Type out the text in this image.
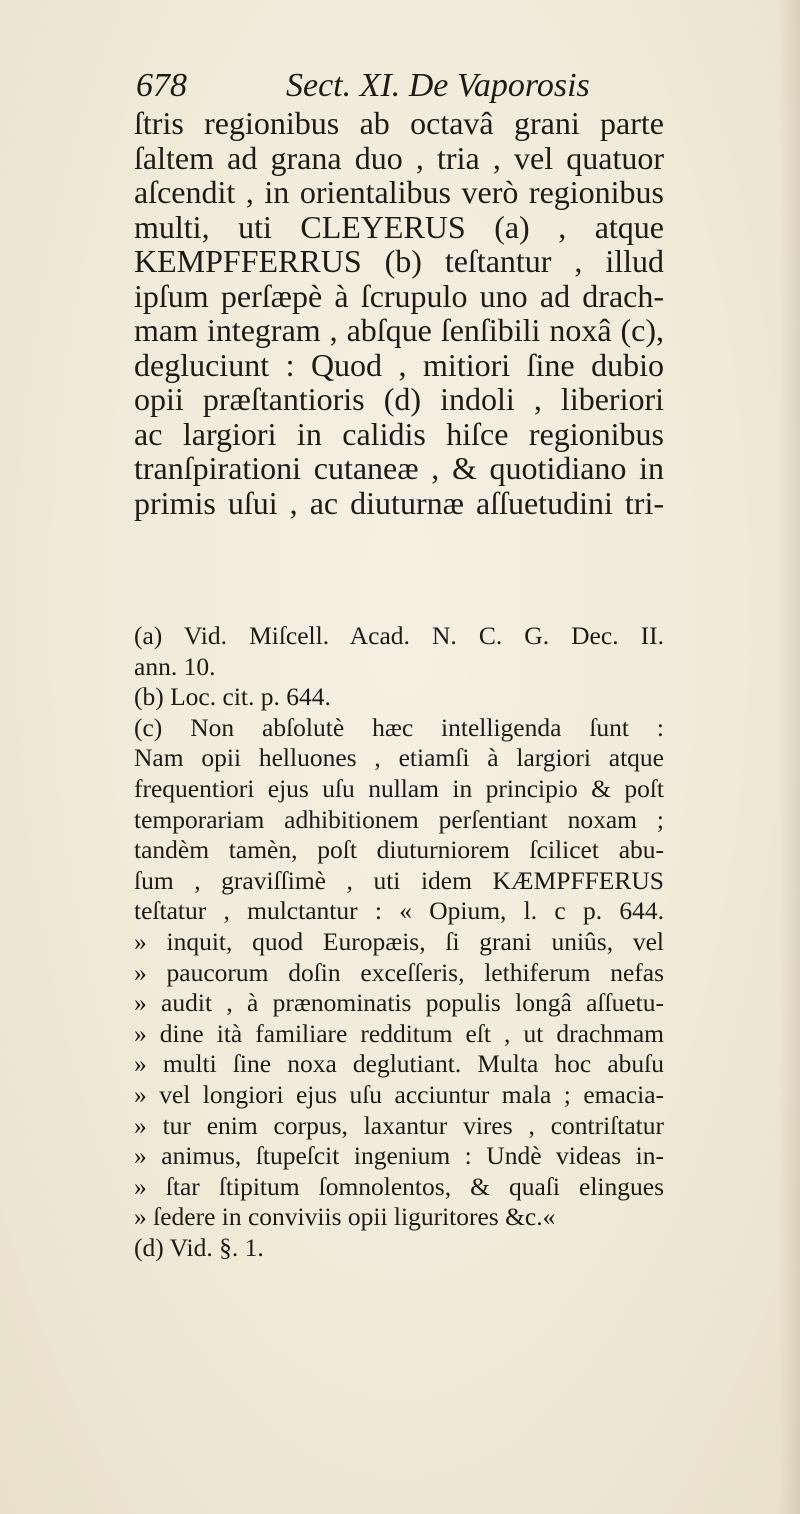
678	Sect. XI. De Vaporosis
ſtris regionibus ab octavâ grani parte
ſaltem ad grana duo , tria , vel quatuor
aſcendit , in orientalibus verò regionibus
multi, uti CLEYERUS (a) , atque
KEMPFFERRUS (b) teſtantur , illud
ipſum perſæpè à ſcrupulo uno ad drach-
mam integram , abſque ſenſibili noxâ (c),
degluciunt : Quod , mitiori ſine dubio
opii præſtantioris (d) indoli , liberiori
ac largiori in calidis hiſce regionibus
tranſpirationi cutaneæ , & quotidiano in
primis uſui , ac diuturnæ aſſuetudini tri-
(a) Vid. Miſcell. Acad. N. C. G. Dec. II.
ann. 10.
(b) Loc. cit. p. 644.
(c) Non abſolutè hæc intelligenda ſunt :
Nam opii helluones , etiamſi à largiori atque
frequentiori ejus uſu nullam in principio & poſt
temporariam adhibitionem perſentiant noxam ;
tandèm tamèn, poſt diuturniorem ſcilicet abu-
ſum , graviſſimè , uti idem KÆMPFFERUS
teſtatur , mulctantur : « Opium, l. c p. 644.
» inquit, quod Europæis, ſi grani uniûs, vel
» paucorum doſin exceſſeris, lethiferum nefas
» audit , à prænominatis populis longâ aſſuetu-
» dine ità familiare redditum eſt , ut drachmam
» multi ſine noxa deglutiant. Multa hoc abuſu
» vel longiori ejus uſu acciuntur mala ; emacia-
» tur enim corpus, laxantur vires , contriſtatur
» animus, ſtupeſcit ingenium : Undè videas in-
» ſtar ſtipitum ſomnolentos, & quaſi elingues
» ſedere in conviviis opii liguritores &c.«
(d) Vid. §. 1.
